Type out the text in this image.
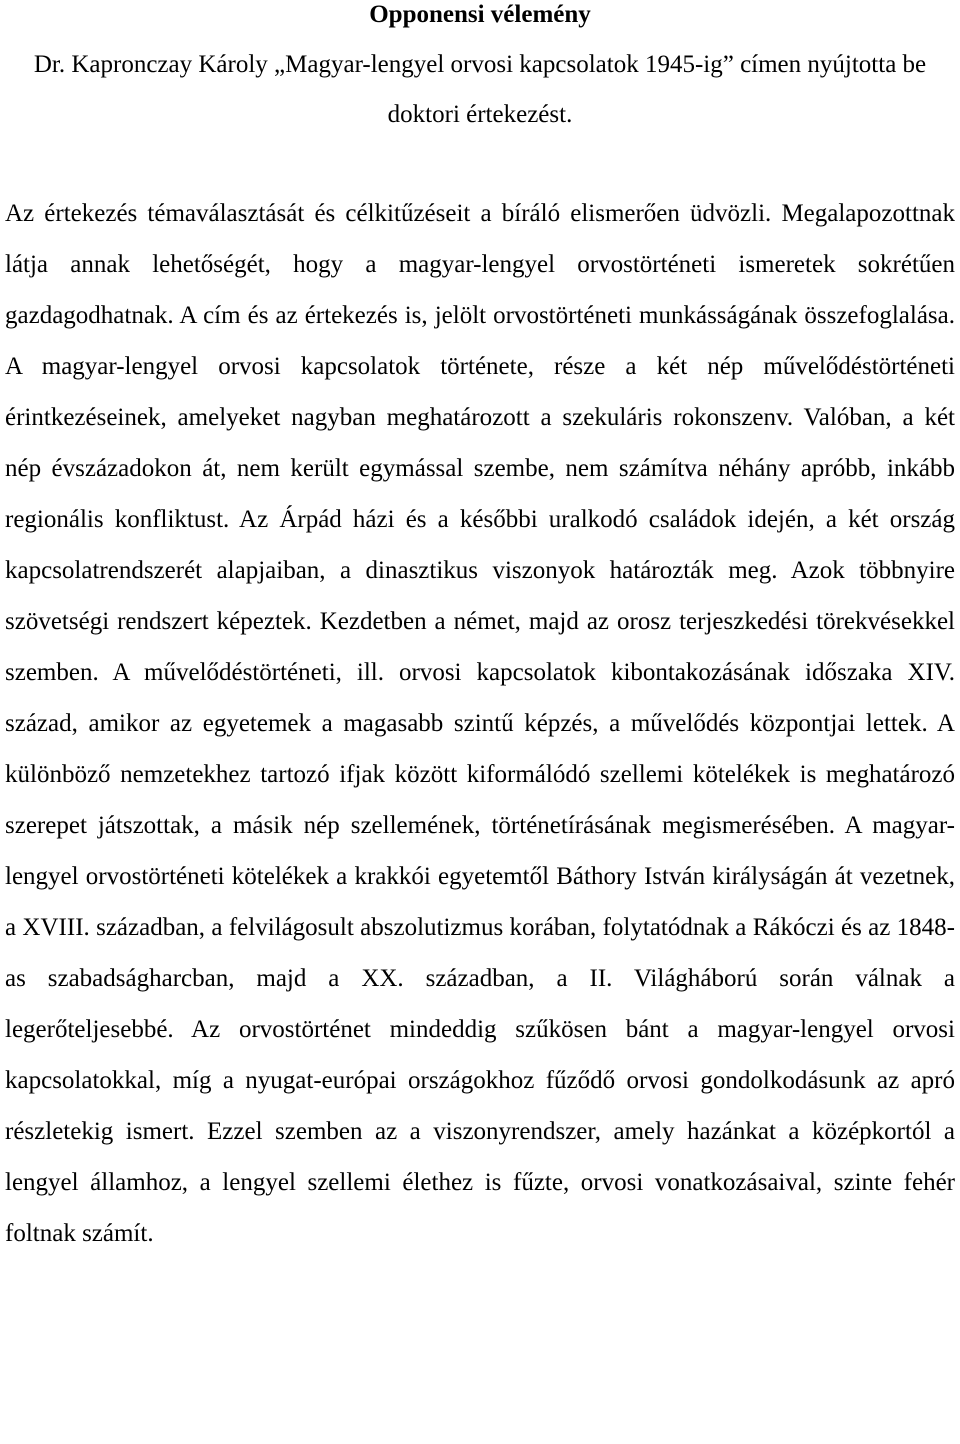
Opponensi vélemény

Dr. Kapronczay Károly „Magyar-lengyel orvosi kapcsolatok 1945-ig” címen nyújtotta be doktori értekezést.

Az értekezés témaválasztását és célkitűzéseit a bíráló elismerően üdvözli. Megalapozottnak látja annak lehetőségét, hogy a magyar-lengyel orvostörténeti ismeretek sokrétűen gazdagodhatnak. A cím és az értekezés is, jelölt orvostörténeti munkásságának összefoglalása. A magyar-lengyel orvosi kapcsolatok története, része a két nép művelődéstörténeti érintkezéseinek, amelyeket nagyban meghatározott a szekuláris rokonszenv. Valóban, a két nép évszázadokon át, nem került egymással szembe, nem számítva néhány apróbb, inkább regionális konfliktust. Az Árpád házi és a későbbi uralkodó családok idején, a két ország kapcsolatrendszerét alapjaiban, a dinasztikus viszonyok határozták meg. Azok többnyire szövetségi rendszert képeztek. Kezdetben a német, majd az orosz terjeszkedési törekvésekkel szemben. A művelődéstörténeti, ill. orvosi kapcsolatok kibontakozásának időszaka XIV. század, amikor az egyetemek a magasabb szintű képzés, a művelődés központjai lettek. A különböző nemzetekhez tartozó ifjak között kiformálódó szellemi kötelékek is meghatározó szerepet játszottak, a másik nép szellemének, történetírásának megismerésében. A magyar-lengyel orvostörténeti kötelékek a krakkói egyetemtől Báthory István királyságán át vezetnek, a XVIII. században, a felvilágosult abszolutizmus korában, folytatódnak a Rákóczi és az 1848-as szabadságharcban, majd a XX. században, a II. Világháború során válnak a legerőteljesebbé. Az orvostörténet mindeddig szűkösen bánt a magyar-lengyel orvosi kapcsolatokkal, míg a nyugat-európai országokhoz fűződő orvosi gondolkodásunk az apró részletekig ismert. Ezzel szemben az a viszonyrendszer, amely hazánkat a középkortól a lengyel államhoz, a lengyel szellemi élethez is fűzte, orvosi vonatkozásaival, szinte fehér foltnak számít.
